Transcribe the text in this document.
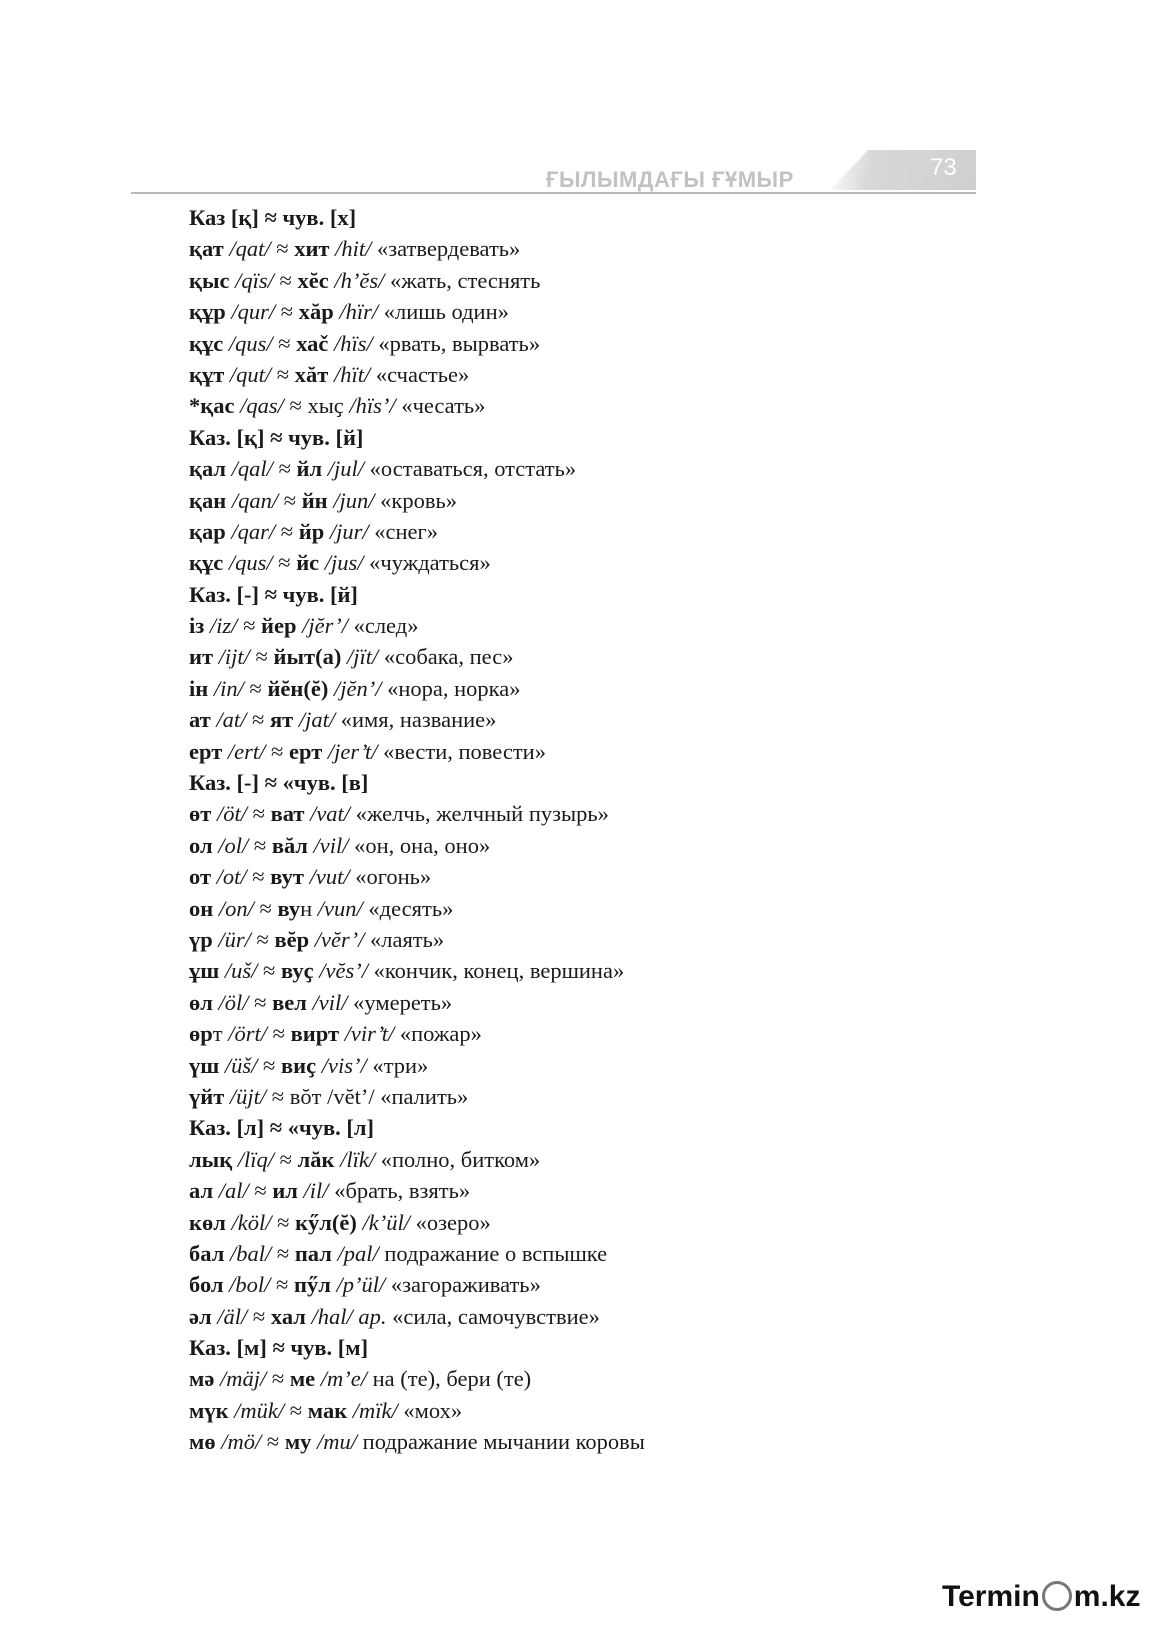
ҒЫЛЫМДАҒЫ ҒҰМЫР	73
Каз [қ] ≈ чув. [х]
қат /qat/ ≈ хит /hit/ «затвердевать»
қыс /qïs/ ≈ хĕс /h’ĕs/ «жать, стеснять
құр /qur/ ≈ хăр /hïr/ «лишь один»
құс /qus/ ≈ хаč /hïs/ «рвать, вырвать»
құт /qut/ ≈ хăт /hït/ «счастье»
*қас /qas/ ≈ хыҫ /hïs’/ «чесать»
Каз. [қ] ≈ чув. [й]
қал /qal/ ≈ йл /jul/ «оставаться, отстать»
қан /qan/ ≈ йн /jun/ «кровь»
қар /qar/ ≈ йр /jur/ «снег»
құс /qus/ ≈ йс /jus/ «чуждаться»
Каз. [-] ≈ чув. [й]
із /iz/ ≈ йер /jĕr’/ «след»
ит /ijt/ ≈ йыт(а) /jït/ «собака, пес»
ін /in/ ≈ йĕн(ĕ) /jĕn’/ «нора, норка»
ат /at/ ≈ ят /jat/ «имя, название»
ерт /ert/ ≈ ерт /jer’t/ «вести, повести»
Каз. [-] ≈ «чув. [в]
өт /öt/ ≈ ват /vat/ «желчь, желчный пузырь»
ол /ol/ ≈ вăл /vil/ «он, она, оно»
от /ot/ ≈ вут /vut/ «огонь»
он /on/ ≈ вун /vun/ «десять»
үр /ür/ ≈ вĕр /vĕr’/ «лаять»
ұш /uš/ ≈ вуҫ /vĕs’/ «кончик, конец, вершина»
өл /öl/ ≈ вел /vil/ «умереть»
өрт /ört/ ≈ вирт /vir’t/ «пожар»
үш /üš/ ≈ виҫ /vis’/ «три»
үйт /üjt/ ≈ вŏт /vĕt’/ «палить»
Каз. [л] ≈ «чув. [л]
лық /lïq/ ≈ лăк /lïk/ «полно, битком»
ал /al/ ≈ ил /il/ «брать, взять»
көл /köl/ ≈ кӳл(ĕ) /k’ül/ «озеро»
бал /bal/ ≈ пал /pal/ подражание о вспышке
бол /bol/ ≈ пӳл /p’ül/ «загораживать»
әл /äl/ ≈ хал /hal/ ар. «сила, самочувствие»
Каз. [м] ≈ чув. [м]
мә /mäj/ ≈ ме /m’e/ на (те), бери (те)
мүк /mük/ ≈ мак /mïk/ «мох»
мө /mö/ ≈ му /mu/ подражание мычании коровы
Termin m.kz
